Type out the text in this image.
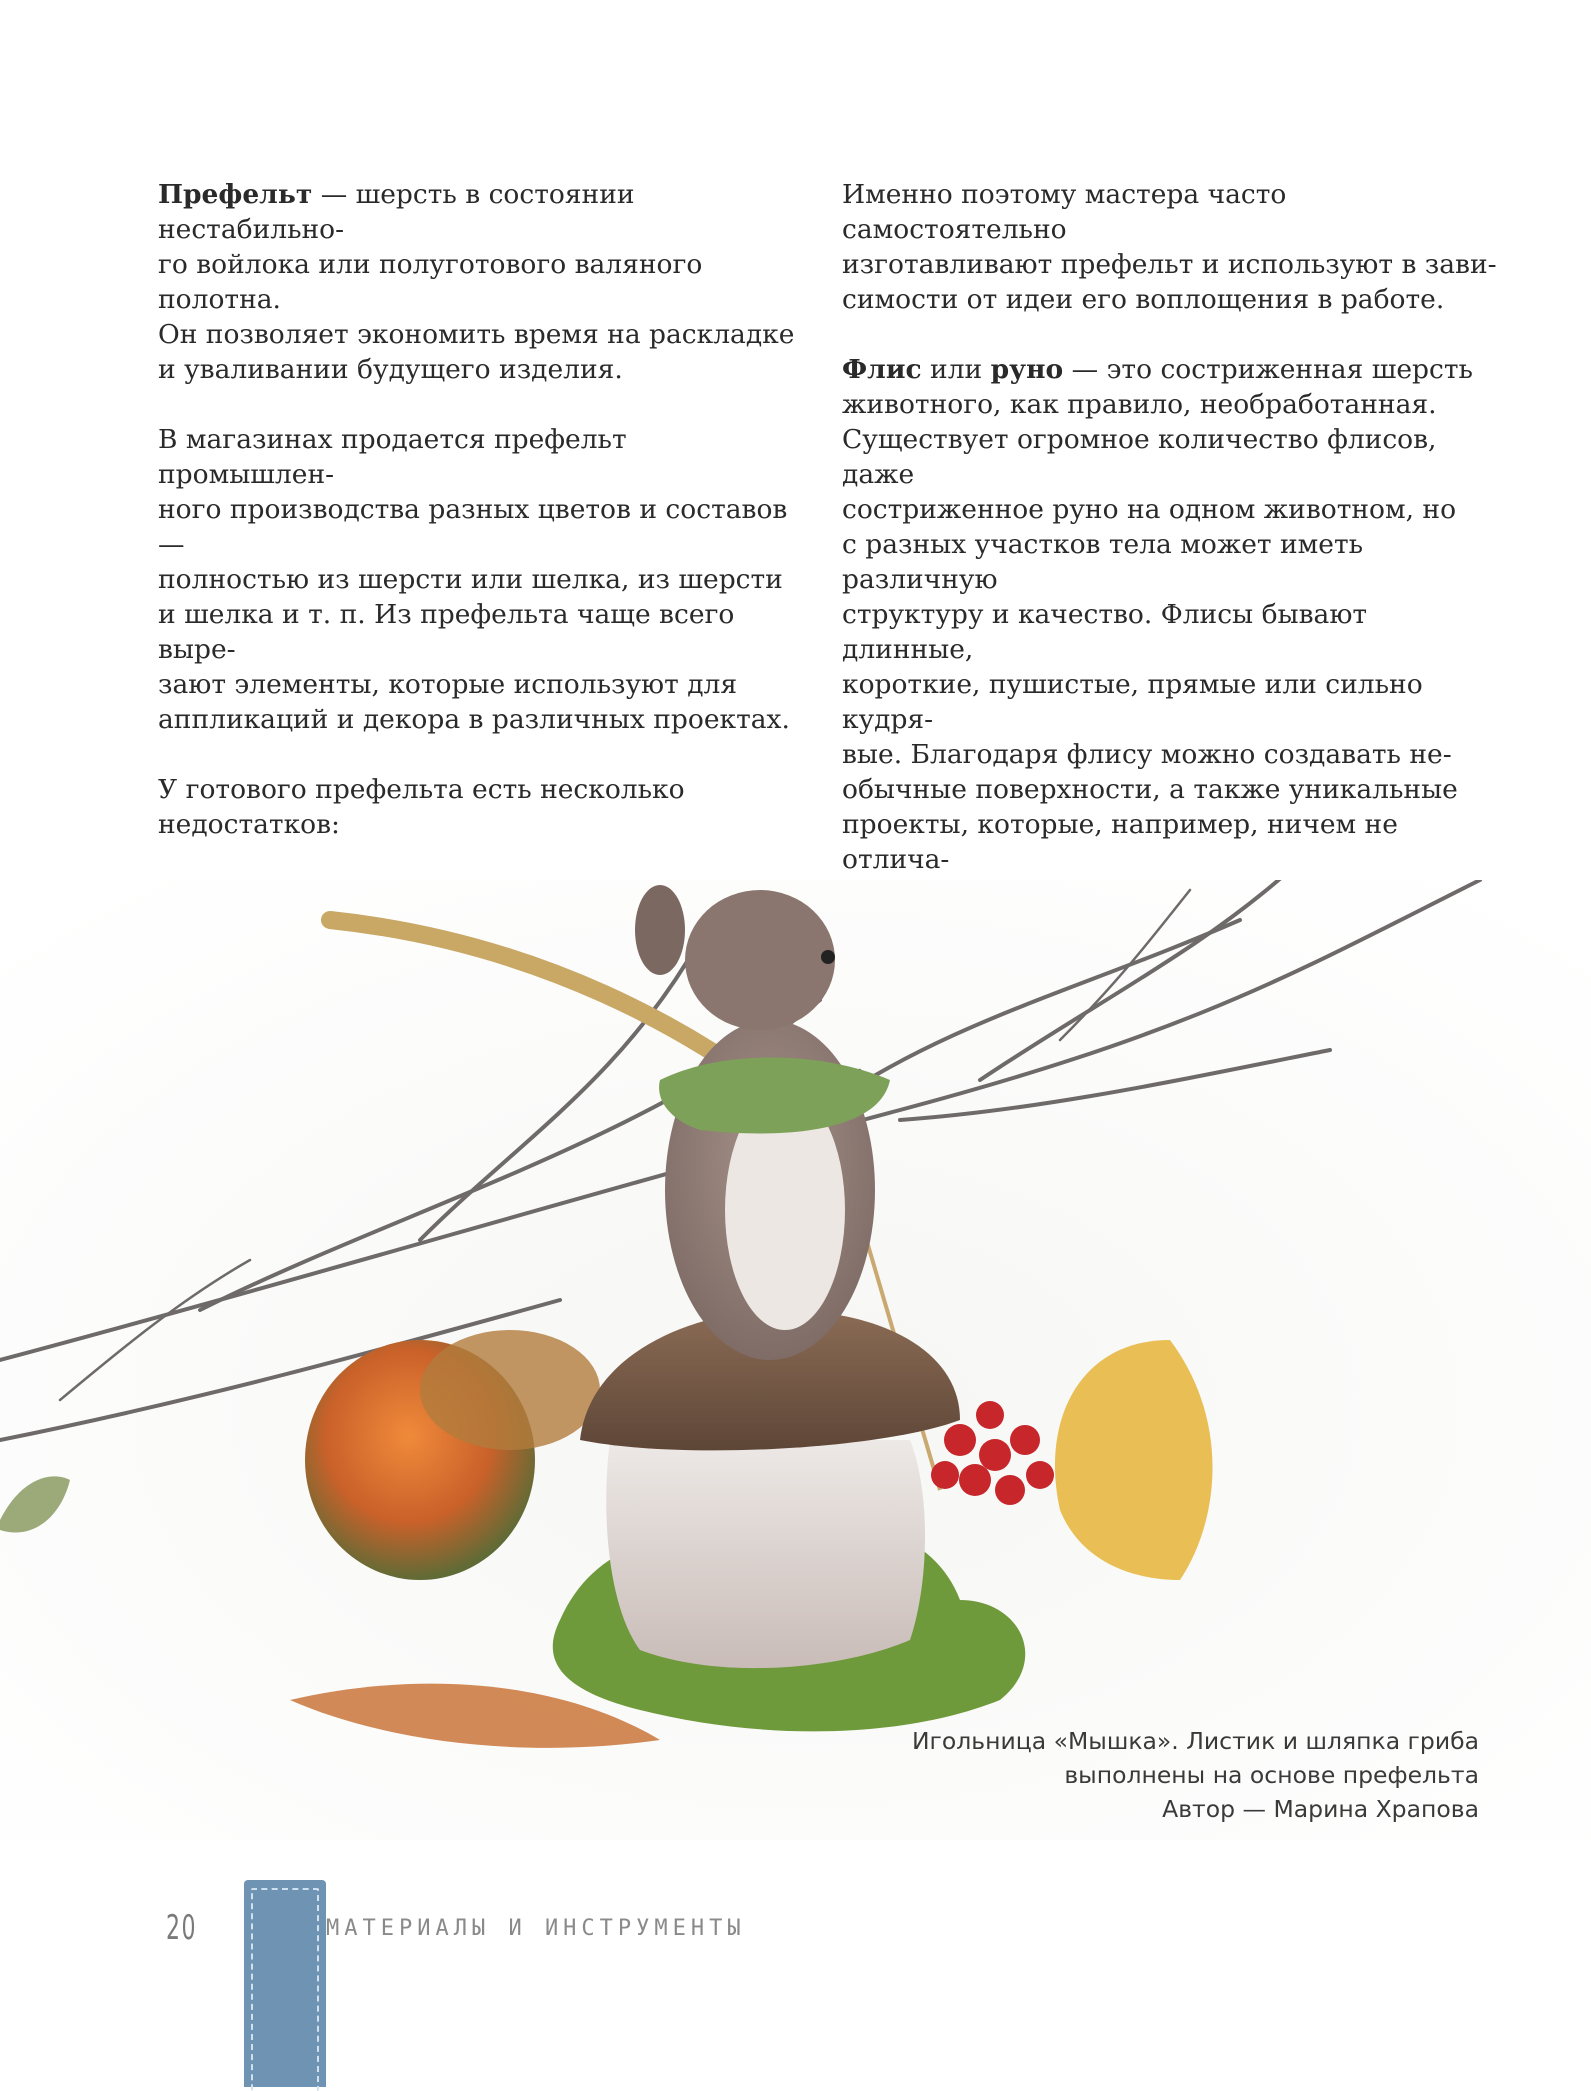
Префельт — шерсть в состоянии нестабильно-
го войлока или полуготового валяного полотна.
Он позволяет экономить время на раскладке
и уваливании будущего изделия.

В магазинах продается префельт промышлен-
ного производства разных цветов и составов —
полностью из шерсти или шелка, из шерсти
и шелка и т. п. Из префельта чаще всего выре-
зают элементы, которые используют для
аппликаций и декора в различных проектах.

У готового префельта есть несколько недостатков:

Именно поэтому мастера часто самостоятельно
изготавливают префельт и используют в зави-
симости от идеи его воплощения в работе.

Флис или руно — это состриженная шерсть
животного, как правило, необработанная.
Существует огромное количество флисов, даже
состриженное руно на одном животном, но
с разных участков тела может иметь различную
структуру и качество. Флисы бывают длинные,
короткие, пушистые, прямые или сильно кудря-
вые. Благодаря флису можно создавать не-
обычные поверхности, а также уникальные
проекты, которые, например, ничем не отлича-

Игольница «Мышка». Листик и шляпка гриба
выполнены на основе префельта
Автор — Марина Храпова
20	МАТЕРИАЛЫ И ИНСТРУМЕНТЫ
